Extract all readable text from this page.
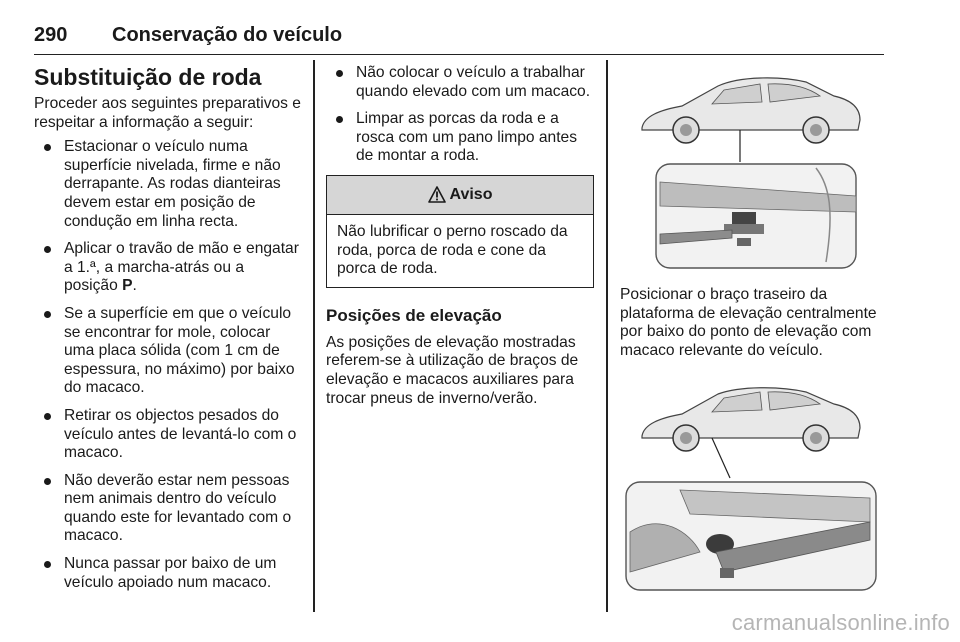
290 Conservação do veículo
Substituição de roda

Proceder aos seguintes preparativos e respeitar a informação a seguir:

Estacionar o veículo numa superfície nivelada, firme e não derrapante. As rodas dianteiras devem estar em posição de condução em linha recta.
Aplicar o travão de mão e engatar a 1.ª, a marcha-atrás ou a posição P.
Se a superfície em que o veículo se encontrar for mole, colocar uma placa sólida (com 1 cm de espessura, no máximo) por baixo do macaco.
Retirar os objectos pesados do veículo antes de levantá-lo com o macaco.
Não deverão estar nem pessoas nem animais dentro do veículo quando este for levantado com o macaco.
Nunca passar por baixo de um veículo apoiado num macaco.
Não colocar o veículo a trabalhar quando elevado com um macaco.
Limpar as porcas da roda e a rosca com um pano limpo antes de montar a roda.
Aviso
Não lubrificar o perno roscado da roda, porca de roda e cone da porca de roda.
Posições de elevação

As posições de elevação mostradas referem-se à utilização de braços de elevação e macacos auxiliares para trocar pneus de inverno/verão.

Posicionar o braço traseiro da plataforma de elevação centralmente por baixo do ponto de elevação com macaco relevante do veículo.

carmanualsonline.info
